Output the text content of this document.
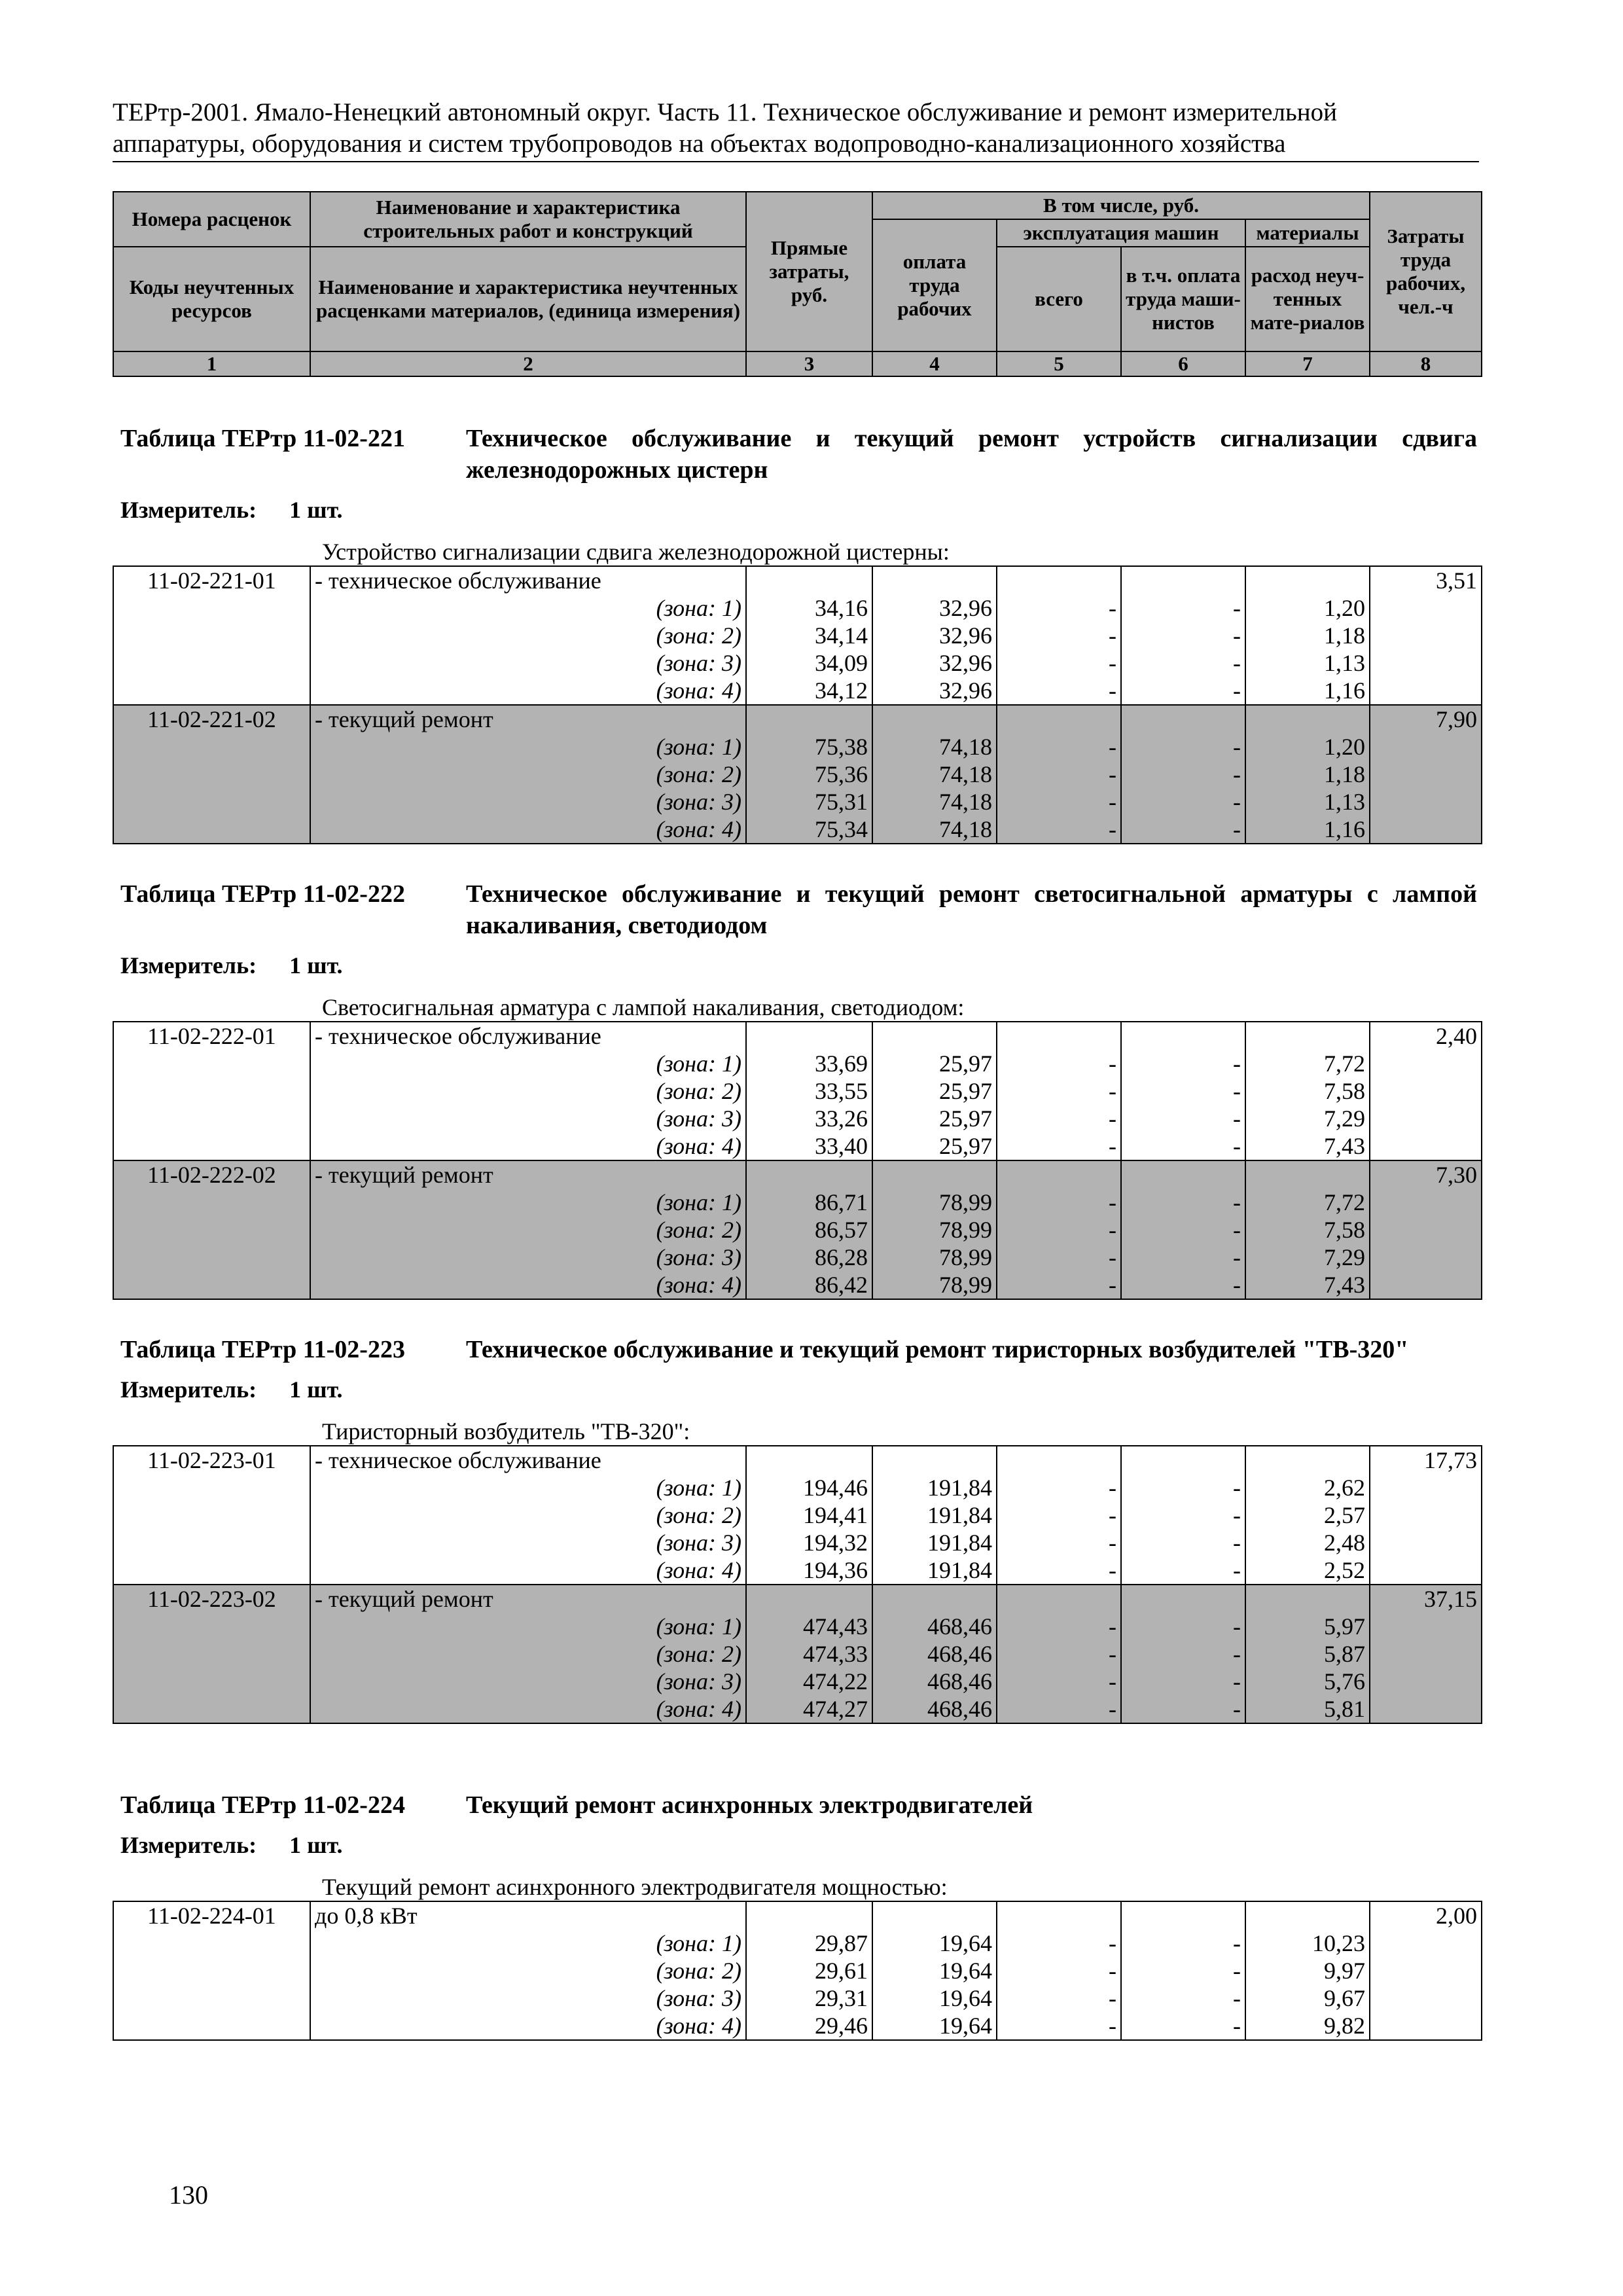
ТЕРтр-2001. Ямало-Ненецкий автономный округ. Часть 11. Техническое обслуживание и ремонт измерительной
аппаратуры, оборудования и систем трубопроводов на объектах водопроводно-канализационного хозяйства
Номера расценок	Наименование и характеристика строительных работ и конструкций	Прямые затраты, руб.	В том числе, руб.				Затраты труда рабочих, чел.-ч
			оплата труда рабочих	эксплуатация машин		материалы	
Коды неучтенных ресурсов	Наименование и характеристика неучтенных расценками материалов, (единица измерения)			всего	в т.ч. оплата труда маши-нистов	расход неуч-тенных мате-риалов	

1	2	3	4	5	6	7	8
Таблица ТЕРтр 11-02-221	Техническое обслуживание и текущий ремонт устройств сигнализации сдвига железнодорожных цистерн
Измеритель: 1 шт.
Устройство сигнализации сдвига железнодорожной цистерны:
11-02-221-01	- техническое обслуживание						3,51
	(зона: 1)	34,16	32,96	-	-	1,20	
	(зона: 2)	34,14	32,96	-	-	1,18	
	(зона: 3)	34,09	32,96	-	-	1,13	
	(зона: 4)	34,12	32,96	-	-	1,16	
11-02-221-02	- текущий ремонт						7,90
	(зона: 1)	75,38	74,18	-	-	1,20	
	(зона: 2)	75,36	74,18	-	-	1,18	
	(зона: 3)	75,31	74,18	-	-	1,13	
	(зона: 4)	75,34	74,18	-	-	1,16	
Таблица ТЕРтр 11-02-222	Техническое обслуживание и текущий ремонт светосигнальной арматуры с лампой накаливания, светодиодом
Измеритель: 1 шт.
Светосигнальная арматура с лампой накаливания, светодиодом:
11-02-222-01	- техническое обслуживание						2,40
	(зона: 1)	33,69	25,97	-	-	7,72	
	(зона: 2)	33,55	25,97	-	-	7,58	
	(зона: 3)	33,26	25,97	-	-	7,29	
	(зона: 4)	33,40	25,97	-	-	7,43	
11-02-222-02	- текущий ремонт						7,30
	(зона: 1)	86,71	78,99	-	-	7,72	
	(зона: 2)	86,57	78,99	-	-	7,58	
	(зона: 3)	86,28	78,99	-	-	7,29	
	(зона: 4)	86,42	78,99	-	-	7,43	
Таблица ТЕРтр 11-02-223	Техническое обслуживание и текущий ремонт тиристорных возбудителей "ТВ-320"
Измеритель: 1 шт.
Тиристорный возбудитель "ТВ-320":
11-02-223-01	- техническое обслуживание						17,73
	(зона: 1)	194,46	191,84	-	-	2,62	
	(зона: 2)	194,41	191,84	-	-	2,57	
	(зона: 3)	194,32	191,84	-	-	2,48	
	(зона: 4)	194,36	191,84	-	-	2,52	
11-02-223-02	- текущий ремонт						37,15
	(зона: 1)	474,43	468,46	-	-	5,97	
	(зона: 2)	474,33	468,46	-	-	5,87	
	(зона: 3)	474,22	468,46	-	-	5,76	
	(зона: 4)	474,27	468,46	-	-	5,81	
Таблица ТЕРтр 11-02-224	Текущий ремонт асинхронных электродвигателей
Измеритель: 1 шт.
Текущий ремонт асинхронного электродвигателя мощностью:
11-02-224-01	до 0,8 кВт						2,00
	(зона: 1)	29,87	19,64	-	-	10,23	
	(зона: 2)	29,61	19,64	-	-	9,97	
	(зона: 3)	29,31	19,64	-	-	9,67	
	(зона: 4)	29,46	19,64	-	-	9,82	
130
